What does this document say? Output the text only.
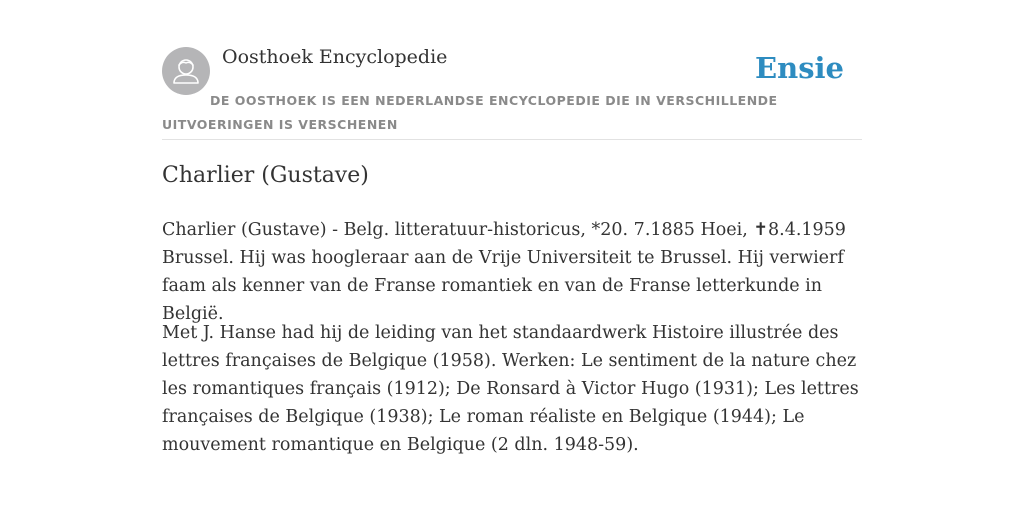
Oosthoek Encyclopedie	Ensie

DE OOSTHOEK IS EEN NEDERLANDSE ENCYCLOPEDIE DIE IN VERSCHILLENDE UITVOERINGEN IS VERSCHENEN

Charlier (Gustave)

Charlier (Gustave) - Belg. litteratuur-historicus, *20. 7.1885 Hoei, ✝8.4.1959 Brussel. Hij was hoogleraar aan de Vrije Universiteit te Brussel. Hij verwierf faam als kenner van de Franse romantiek en van de Franse letterkunde in België.

Met J. Hanse had hij de leiding van het standaardwerk Histoire illustrée des lettres françaises de Belgique (1958). Werken: Le sentiment de la nature chez les romantiques français (1912); De Ronsard à Victor Hugo (1931); Les lettres françaises de Belgique (1938); Le roman réaliste en Belgique (1944); Le mouvement romantique en Belgique (2 dln. 1948-59).
